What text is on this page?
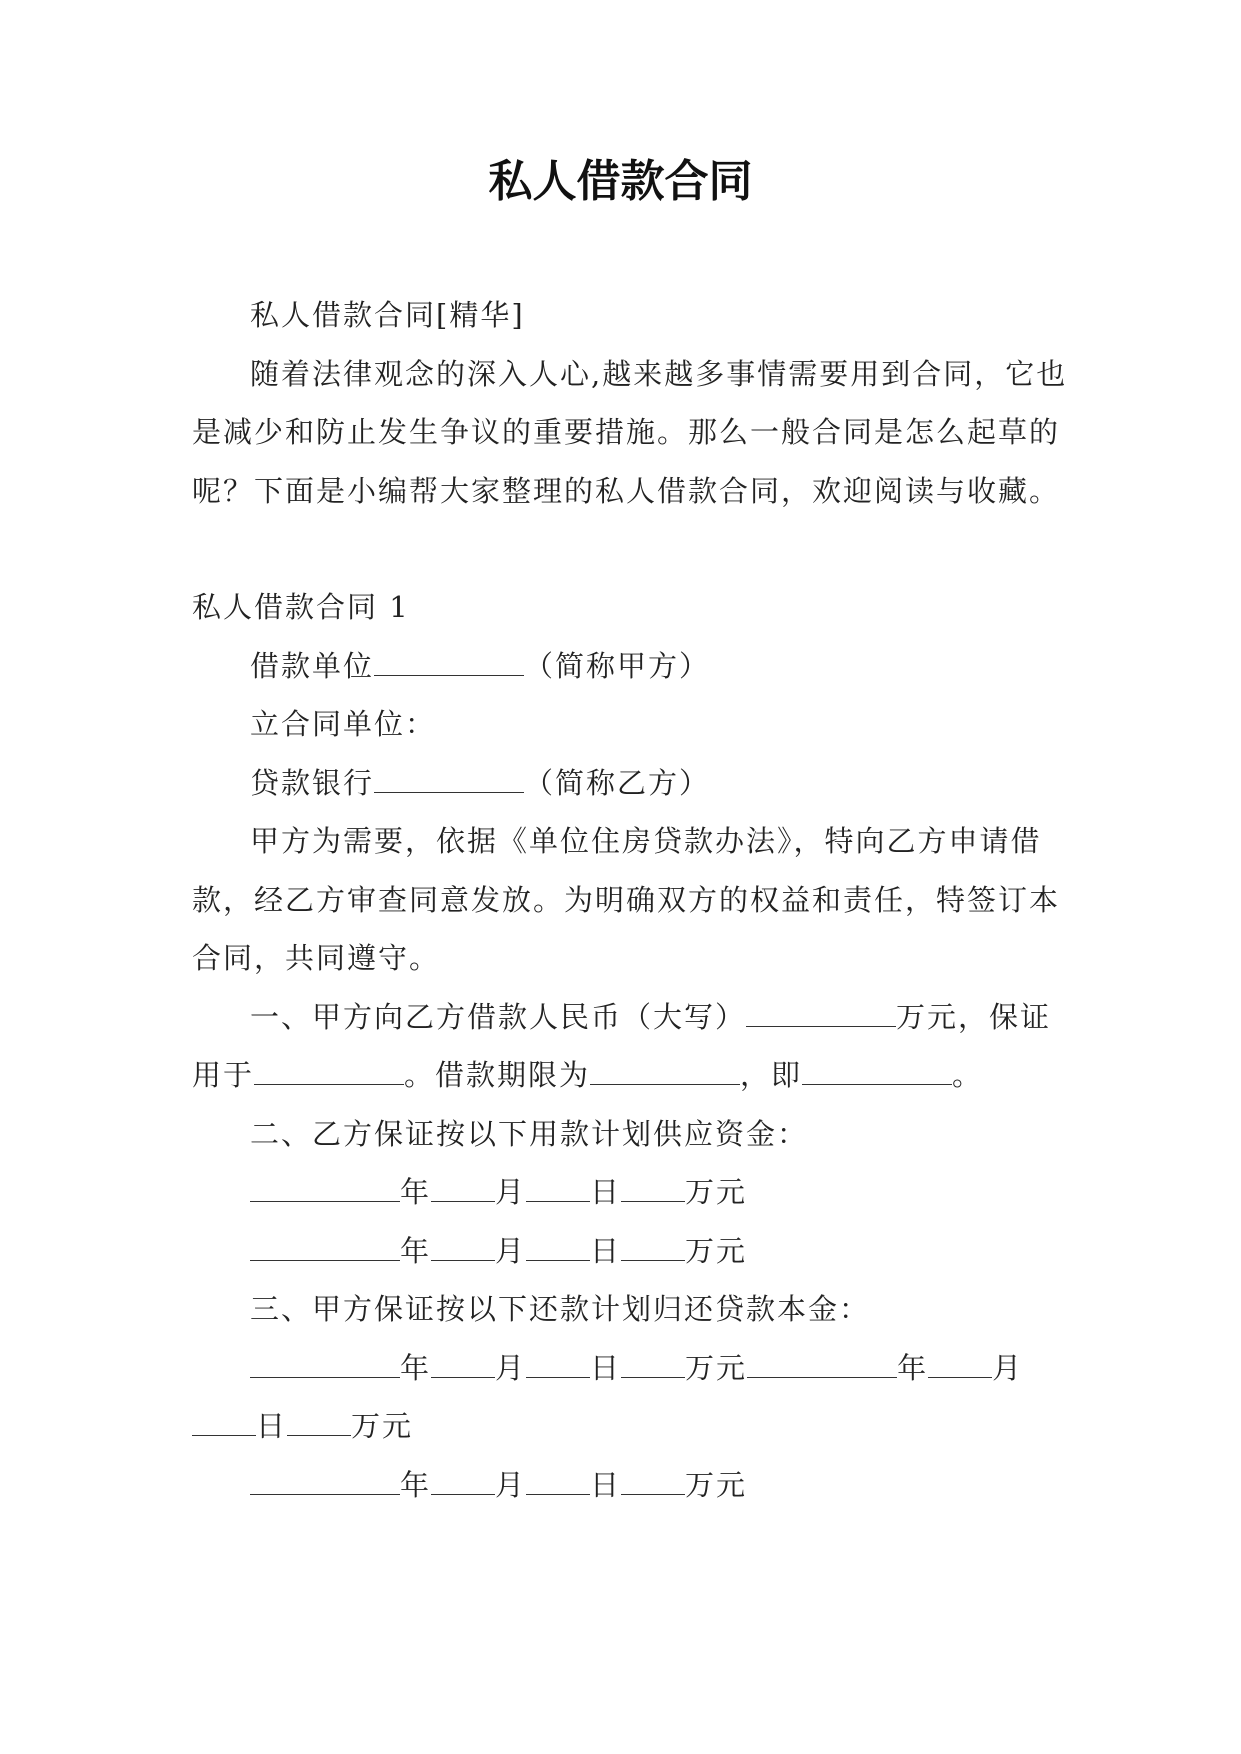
私人借款合同

私人借款合同[精华]

随着法律观念的深入人心,越来越多事情需要用到合同，它也是减少和防止发生争议的重要措施。那么一般合同是怎么起草的呢？下面是小编帮大家整理的私人借款合同，欢迎阅读与收藏。

私人借款合同 1

借款单位	（简称甲方）

立合同单位：

贷款银行	（简称乙方）

甲方为需要，依据《单位住房贷款办法》，特向乙方申请借款，经乙方审查同意发放。为明确双方的权益和责任，特签订本合同，共同遵守。

一、甲方向乙方借款人民币（大写）	万元，保证用于	。借款期限为	，即	。

二、乙方保证按以下用款计划供应资金：

年 月 日 万元

年 月 日 万元

三、甲方保证按以下还款计划归还贷款本金：

年 月 日 万元	年 月日 万元

年 月 日 万元
